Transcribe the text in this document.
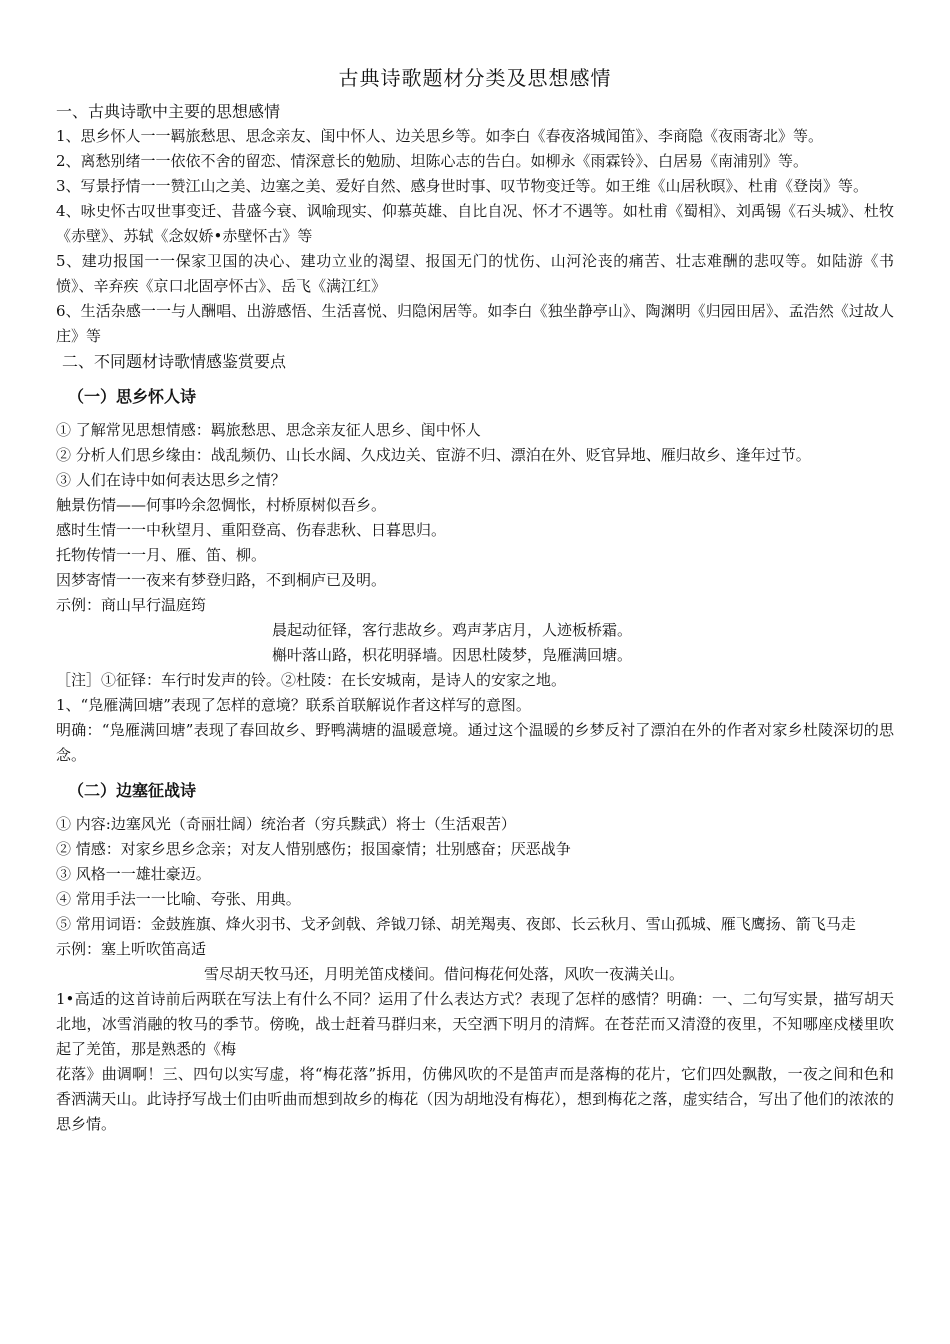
古典诗歌题材分类及思想感情
一、古典诗歌中主要的思想感情
1、思乡怀人一一羁旅愁思、思念亲友、闺中怀人、边关思乡等。如李白《春夜洛城闻笛》、李商隐《夜雨寄北》等。
2、离愁别绪一一依依不舍的留恋、情深意长的勉励、坦陈心志的告白。如柳永《雨霖铃》、白居易《南浦别》等。
3、写景抒情一一赞江山之美、边塞之美、爱好自然、感身世时事、叹节物变迁等。如王维《山居秋暝》、杜甫《登岗》等。
4、咏史怀古叹世事变迁、昔盛今衰、讽喻现实、仰慕英雄、自比自况、怀才不遇等。如杜甫《蜀相》、刘禹锡《石头城》、杜牧《赤壁》、苏轼《念奴娇•赤壁怀古》等
5、建功报国一一保家卫国的决心、建功立业的渴望、报国无门的忧伤、山河沦丧的痛苦、壮志难酬的悲叹等。如陆游《书愤》、辛弃疾《京口北固亭怀古》、岳飞《满江红》
6、生活杂感一一与人酬唱、出游感悟、生活喜悦、归隐闲居等。如李白《独坐静亭山》、陶渊明《归园田居》、孟浩然《过故人庄》等
二、不同题材诗歌情感鉴赏要点
（一）思乡怀人诗
① 了解常见思想情感：羁旅愁思、思念亲友征人思乡、闺中怀人
② 分析人们思乡缘由：战乱频仍、山长水阔、久戍边关、宦游不归、漂泊在外、贬官异地、雁归故乡、逢年过节。
③ 人们在诗中如何表达思乡之情？
触景伤情——何事吟余忽惆怅，村桥原树似吾乡。
感时生情一一中秋望月、重阳登高、伤春悲秋、日暮思归。
托物传情一一月、雁、笛、柳。
因梦寄情一一夜来有梦登归路，不到桐庐已及明。
示例：商山早行温庭筠
晨起动征铎，客行悲故乡。鸡声茅店月，人迹板桥霜。
槲叶落山路，枳花明驿墙。因思杜陵梦，凫雁满回塘。
［注］①征铎：车行时发声的铃。②杜陵：在长安城南，是诗人的安家之地。
1、“凫雁满回塘”表现了怎样的意境？联系首联解说作者这样写的意图。
明确：“凫雁满回塘”表现了春回故乡、野鸭满塘的温暖意境。通过这个温暖的乡梦反衬了漂泊在外的作者对家乡杜陵深切的思念。
（二）边塞征战诗
① 内容:边塞风光（奇丽壮阔）统治者（穷兵黩武）将士（生活艰苦）
② 情感：对家乡思乡念亲；对友人惜别感伤；报国豪情；壮别感奋；厌恶战争
③ 风格一一雄壮豪迈。
④ 常用手法一一比喻、夸张、用典。
⑤ 常用词语：金鼓旌旗、烽火羽书、戈矛剑戟、斧钺刀铩、胡羌羯夷、夜郎、长云秋月、雪山孤城、雁飞鹰扬、箭飞马走
示例：塞上听吹笛高适
雪尽胡天牧马还，月明羌笛戍楼间。借问梅花何处落，风吹一夜满关山。
1•高适的这首诗前后两联在写法上有什么不同？运用了什么表达方式？表现了怎样的感情？明确：一、二句写实景，描写胡天北地，冰雪消融的牧马的季节。傍晚，战士赶着马群归来，天空洒下明月的清辉。在苍茫而又清澄的夜里，不知哪座戍楼里吹起了羌笛，那是熟悉的《梅
花落》曲调啊！三、四句以实写虚，将“梅花落”拆用，仿佛风吹的不是笛声而是落梅的花片，它们四处飘散，一夜之间和色和香洒满天山。此诗抒写战士们由听曲而想到故乡的梅花（因为胡地没有梅花），想到梅花之落，虚实结合，写出了他们的浓浓的思乡情。
